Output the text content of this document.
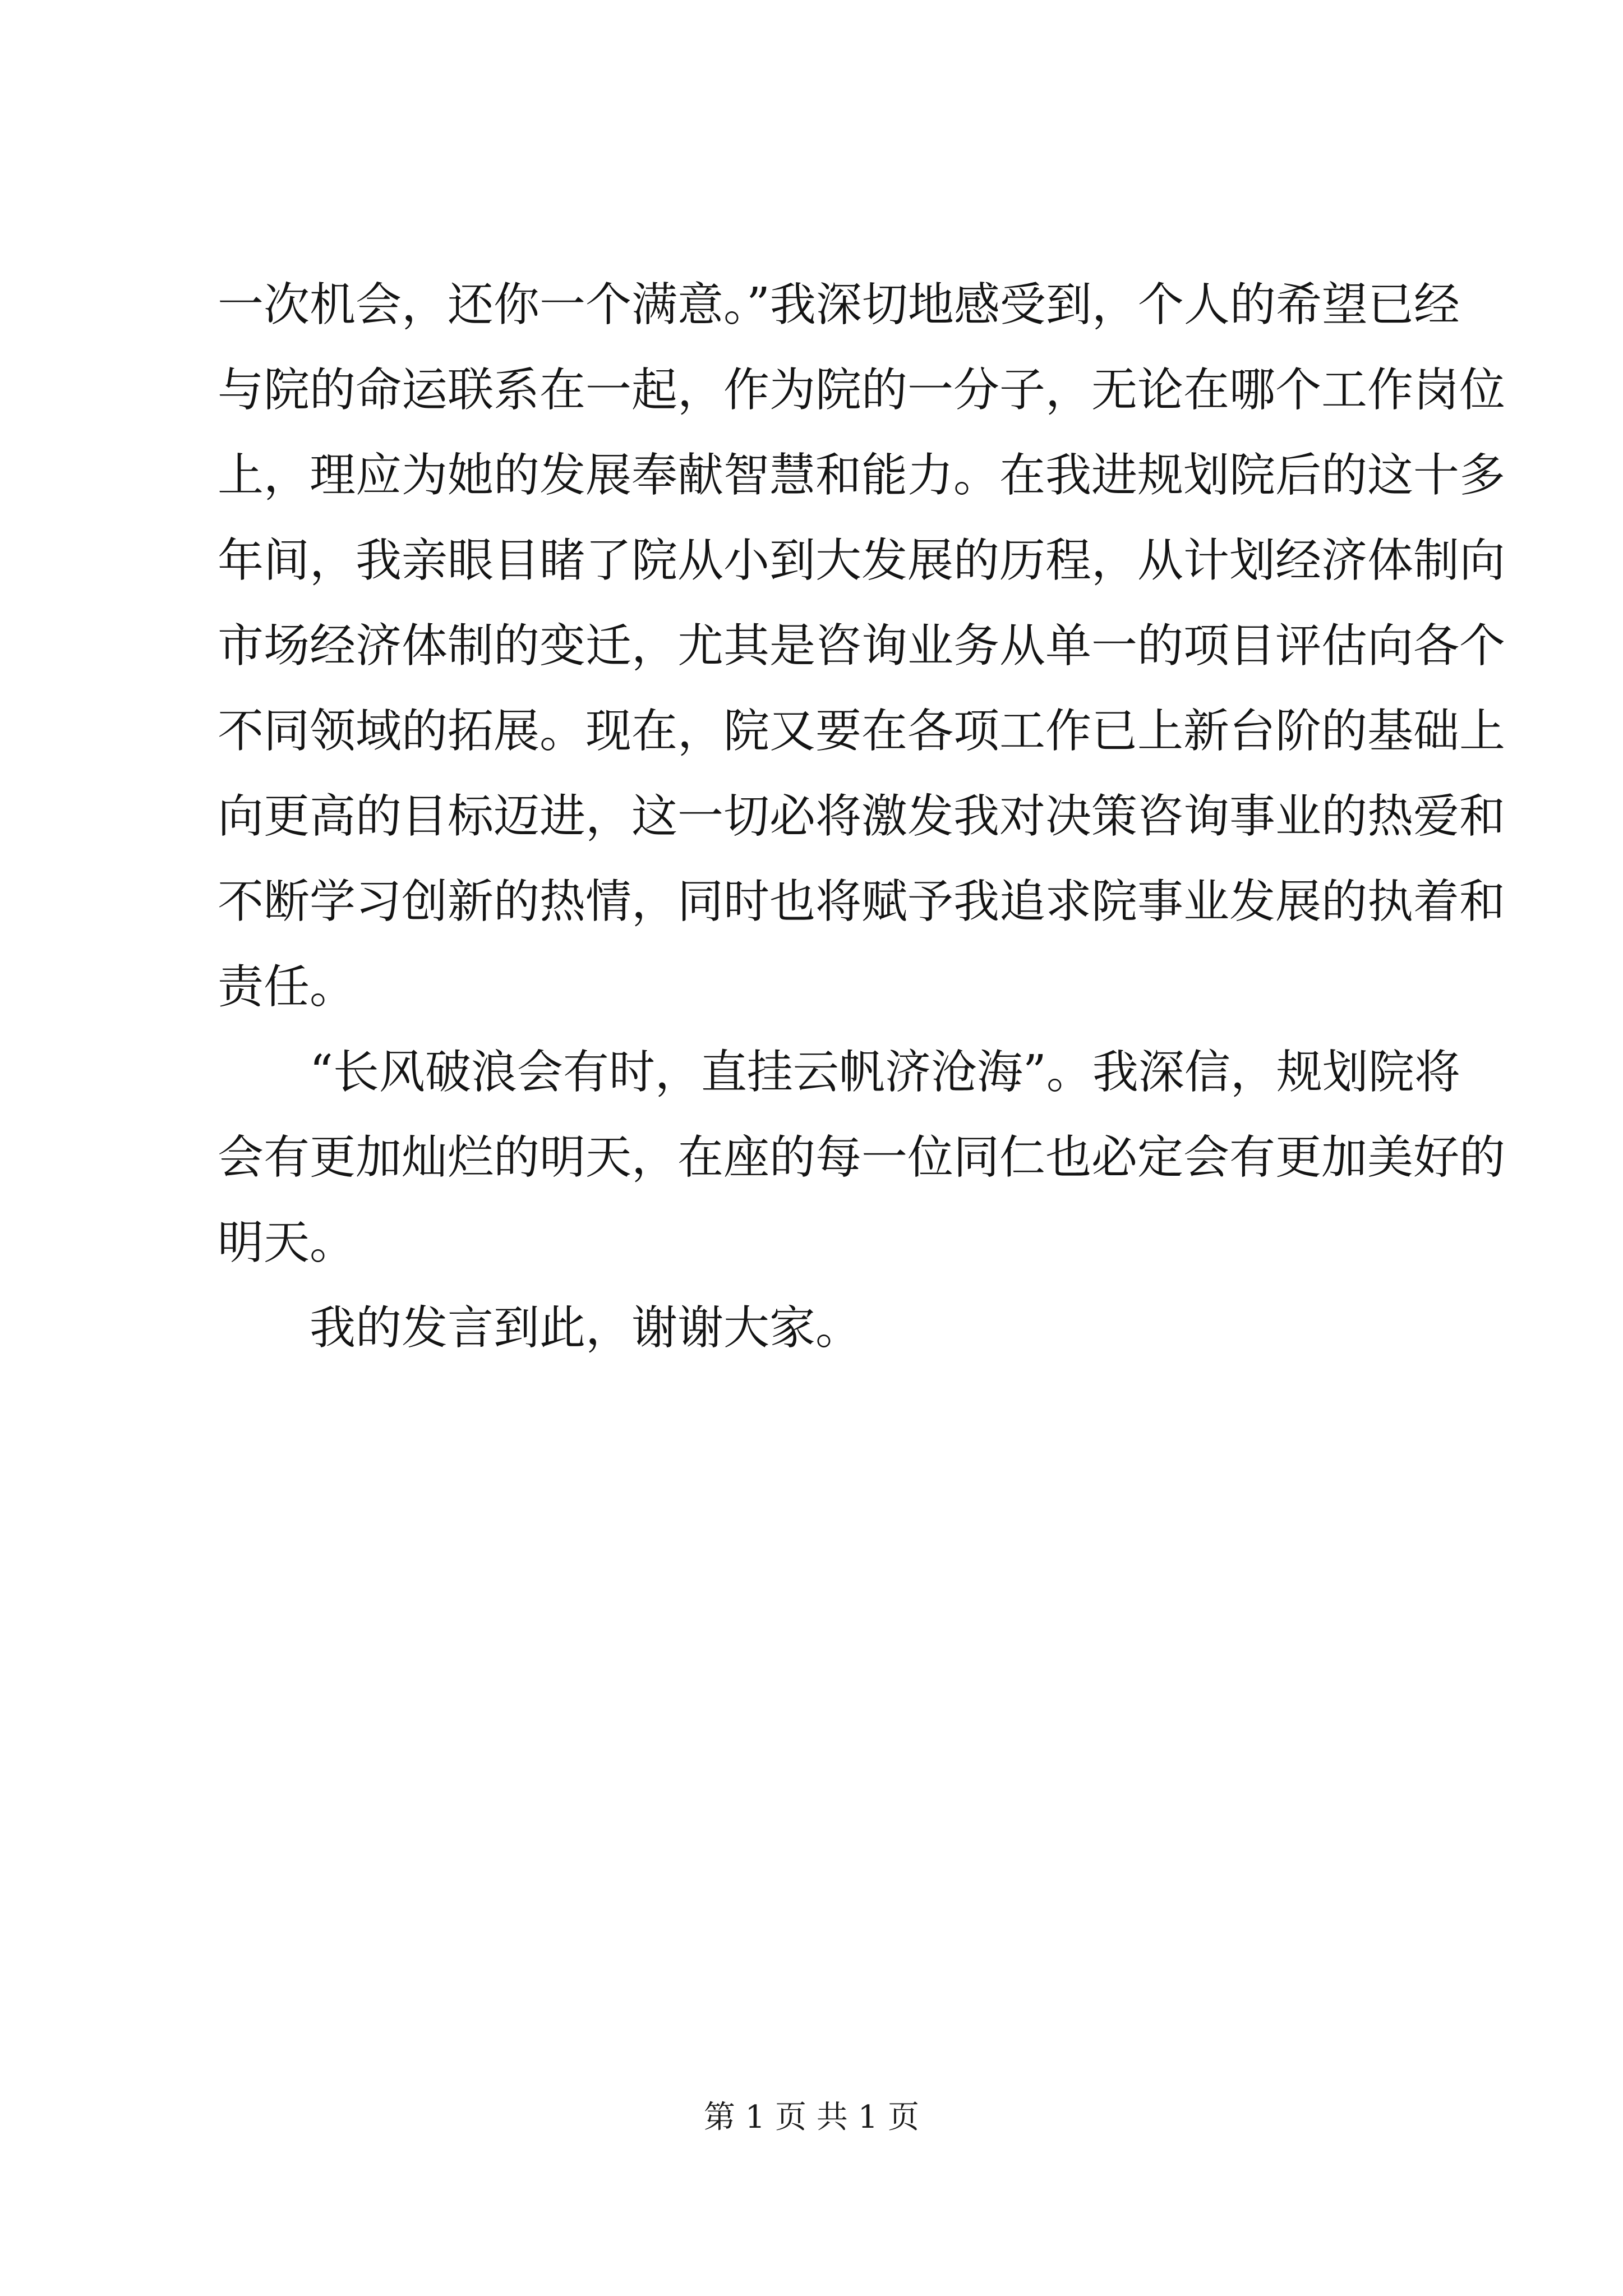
一次机会，还你一个满意。”我深切地感受到，个人的希望已经
与院的命运联系在一起，作为院的一分子，无论在哪个工作岗位
上，理应为她的发展奉献智慧和能力。在我进规划院后的这十多
年间，我亲眼目睹了院从小到大发展的历程，从计划经济体制向
市场经济体制的变迁，尤其是咨询业务从单一的项目评估向各个
不同领域的拓展。现在，院又要在各项工作已上新台阶的基础上
向更高的目标迈进，这一切必将激发我对决策咨询事业的热爱和
不断学习创新的热情，同时也将赋予我追求院事业发展的执着和
责任。
“长风破浪会有时，直挂云帆济沧海”。我深信，规划院将
会有更加灿烂的明天，在座的每一位同仁也必定会有更加美好的
明天。
我的发言到此，谢谢大家。
第 1 页 共 1 页
